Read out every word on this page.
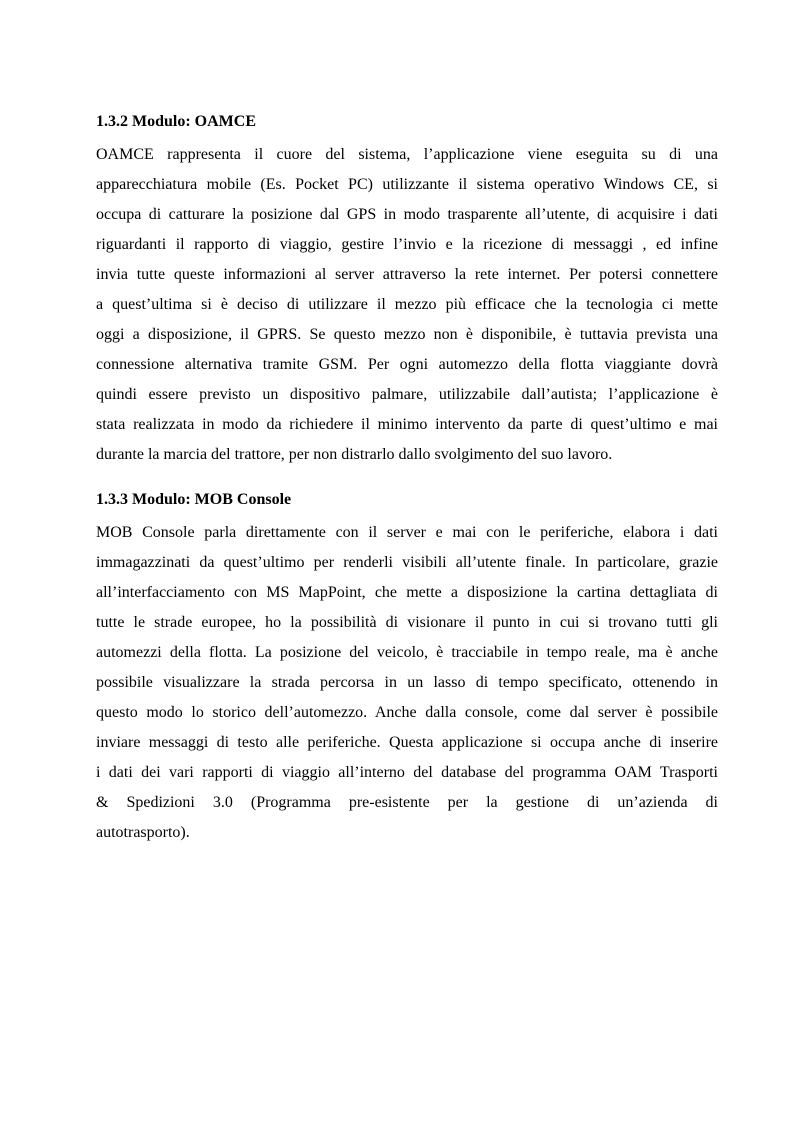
1.3.2 Modulo: OAMCE
OAMCE rappresenta il cuore del sistema, l’applicazione viene eseguita su di una
apparecchiatura mobile (Es. Pocket PC) utilizzante il sistema operativo Windows CE, si
occupa di catturare la posizione dal GPS in modo trasparente all’utente, di acquisire i dati
riguardanti il rapporto di viaggio, gestire l’invio e la ricezione di messaggi , ed infine
invia tutte queste informazioni al server attraverso la rete internet. Per potersi connettere
a quest’ultima si è deciso di utilizzare il mezzo più efficace che la tecnologia ci mette
oggi a disposizione, il GPRS. Se questo mezzo non è disponibile, è tuttavia prevista una
connessione alternativa tramite GSM. Per ogni automezzo della flotta viaggiante dovrà
quindi essere previsto un dispositivo palmare, utilizzabile dall’autista; l’applicazione è
stata realizzata in modo da richiedere il minimo intervento da parte di quest’ultimo e mai
durante la marcia del trattore, per non distrarlo dallo svolgimento del suo lavoro.
1.3.3 Modulo: MOB Console
MOB Console parla direttamente con il server e mai con le periferiche, elabora i dati
immagazzinati da quest’ultimo per renderli visibili all’utente finale. In particolare, grazie
all’interfacciamento con MS MapPoint, che mette a disposizione la cartina dettagliata di
tutte le strade europee, ho la possibilità di visionare il punto in cui si trovano tutti gli
automezzi della flotta. La posizione del veicolo, è tracciabile in tempo reale, ma è anche
possibile visualizzare la strada percorsa in un lasso di tempo specificato, ottenendo in
questo modo lo storico dell’automezzo. Anche dalla console, come dal server è possibile
inviare messaggi di testo alle periferiche. Questa applicazione si occupa anche di inserire
i dati dei vari rapporti di viaggio all’interno del database del programma OAM Trasporti
& Spedizioni 3.0 (Programma pre-esistente per la gestione di un’azienda di
autotrasporto).
